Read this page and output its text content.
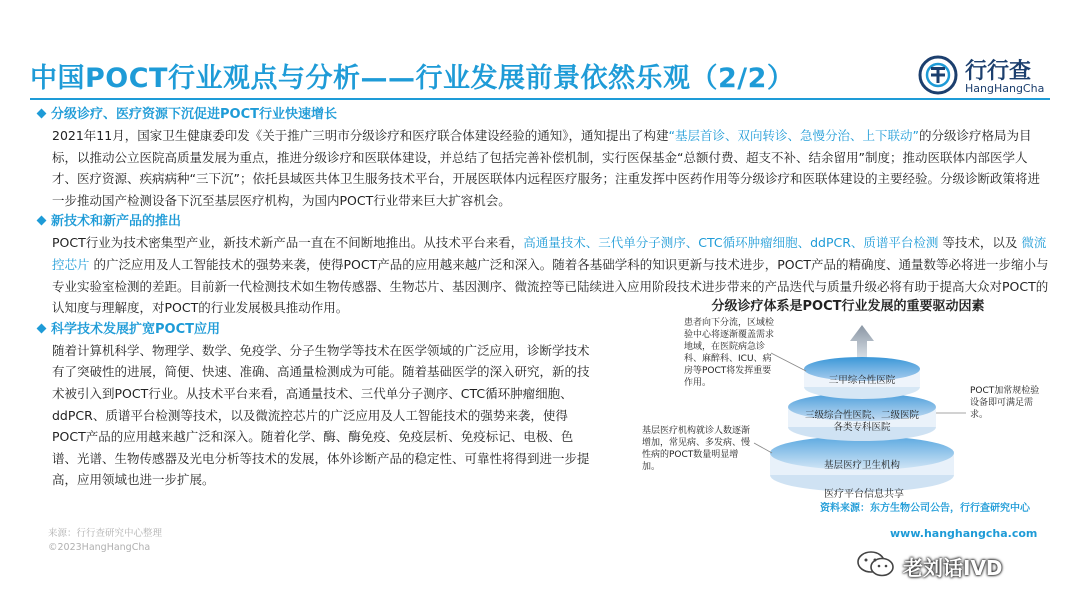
中国POCT行业观点与分析——行业发展前景依然乐观（2/2）	行行查
HangHangCha
分级诊疗、医疗资源下沉促进POCT行业快速增长

2021年11月，国家卫生健康委印发《关于推广三明市分级诊疗和医疗联合体建设经验的通知》，通知提出了构建“基层首诊、双向转诊、急慢分治、上下联动”的分级诊疗格局为目标，以推动公立医院高质量发展为重点，推进分级诊疗和医联体建设，并总结了包括完善补偿机制，实行医保基金“总额付费、超支不补、结余留用”制度；推动医联体内部医学人才、医疗资源、疾病病种“三下沉”；依托县域医共体卫生服务技术平台，开展医联体内远程医疗服务；注重发挥中医药作用等分级诊疗和医联体建设的主要经验。分级诊断政策将进一步推动国产检测设备下沉至基层医疗机构，为国内POCT行业带来巨大扩容机会。

新技术和新产品的推出

POCT行业为技术密集型产业，新技术新产品一直在不间断地推出。从技术平台来看，高通量技术、三代单分子测序、CTC循环肿瘤细胞、ddPCR、质谱平台检测 等技术，以及 微流控芯片 的广泛应用及人工智能技术的强势来袭，使得POCT产品的应用越来越广泛和深入。随着各基础学科的知识更新与技术进步，POCT产品的精确度、通量数等必将进一步缩小与专业实验室检测的差距。目前新一代检测技术如生物传感器、生物芯片、基因测序、微流控等已陆续进入应用阶段技术进步带来的产品迭代与质量升级必将有助于提高大众对POCT的认知度与理解度，对POCT的行业发展极具推动作用。

科学技术发展扩宽POCT应用

随着计算机科学、物理学、数学、免疫学、分子生物学等技术在医学领域的广泛应用，诊断学技术有了突破性的进展，简便、快速、准确、高通量检测成为可能。随着基础医学的深入研究，新的技术被引入到POCT行业。从技术平台来看，高通量技术、三代单分子测序、CTC循环肿瘤细胞、ddPCR、质谱平台检测等技术，以及微流控芯片的广泛应用及人工智能技术的强势来袭，使得POCT产品的应用越来越广泛和深入。随着化学、酶、酶免疫、免疫层析、免疫标记、电极、色谱、光谱、生物传感器及光电分析等技术的发展，体外诊断产品的稳定性、可靠性将得到进一步提高，应用领域也进一步扩展。

分级诊疗体系是POCT行业发展的重要驱动因素
患者向下分流，区域检验中心将逐渐覆盖需求地域，在医院病急诊科、麻醉科、ICU、病房等POCT将发挥重要作用。
POCT加常规检验设备即可满足需求。
基层医疗机构就诊人数逐渐增加，常见病、多发病、慢性病的POCT数量明显增加。
三甲综合性医院
三级综合性医院、二级医院
各类专科医院
基层医疗卫生机构
医疗平台信息共享
资料来源：东方生物公司公告，行行查研究中心
来源：行行查研究中心整理
©2023HangHangCha
www.hanghangcha.com
老刘话IVD
